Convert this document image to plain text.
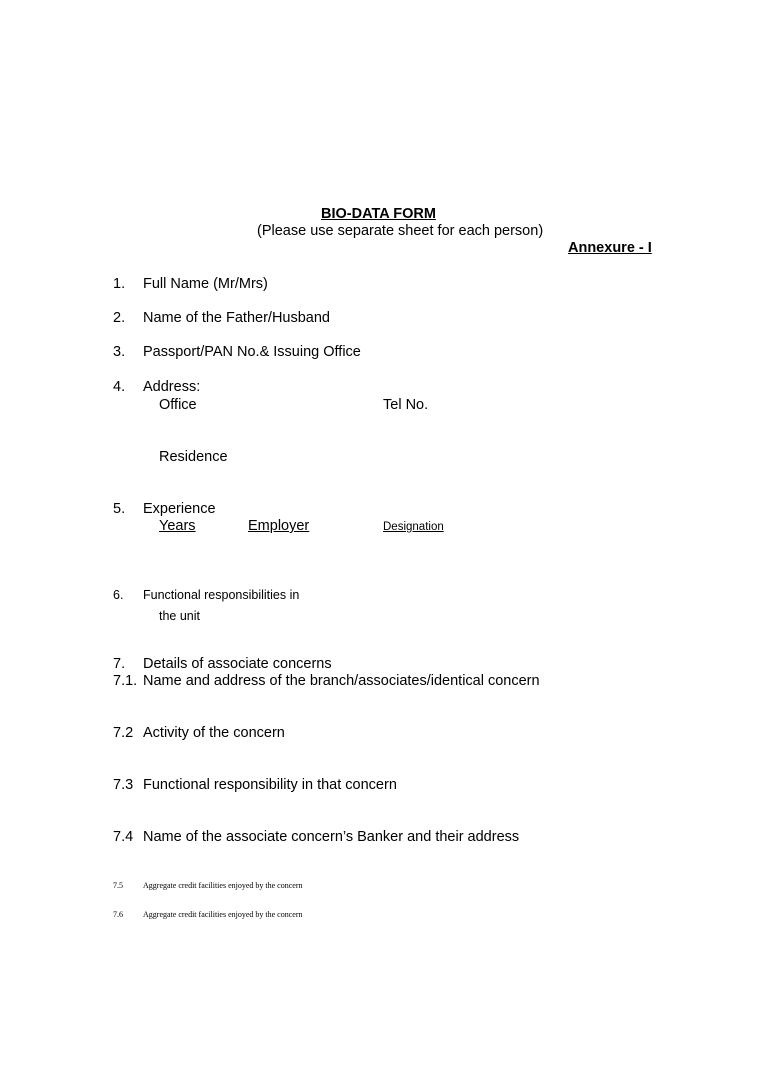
BIO-DATA FORM
(Please use separate sheet for each person)
Annexure - I
1. Full Name (Mr/Mrs)
2. Name of the Father/Husband
3. Passport/PAN No.& Issuing Office
4. Address:
Office	Tel No.
Residence
5. Experience
Years	Employer	Designation
6. Functional responsibilities in
the unit
7. Details of associate concerns
7.1. Name and address of the branch/associates/identical concern
7.2 Activity of the concern
7.3 Functional responsibility in that concern
7.4 Name of the associate concern’s Banker and their address
7.5	Aggregate credit facilities enjoyed by the concern
7.6	Aggregate credit facilities enjoyed by the concern
